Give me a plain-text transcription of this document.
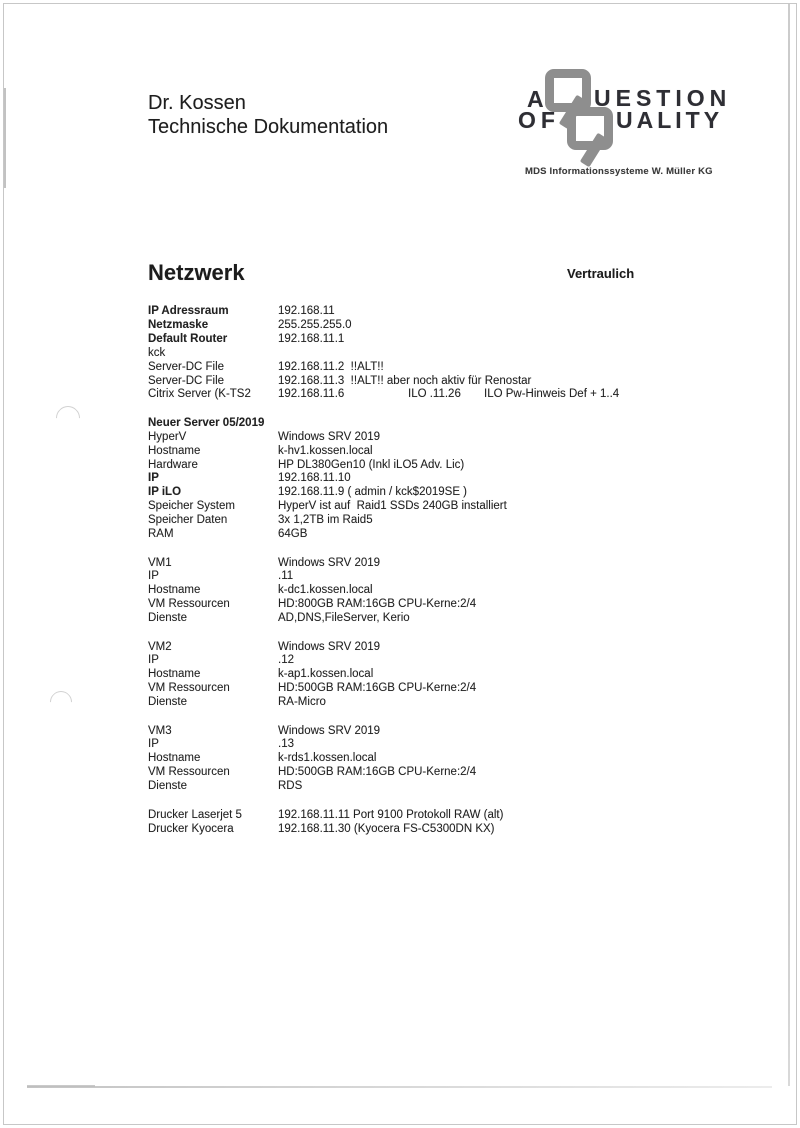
Dr. Kossen
Technische Dokumentation
A UESTION
OF UALITY
MDS Informationssysteme W. Müller KG
Netzwerk	Vertraulich
IP Adressraum	192.168.11
Netzmaske	255.255.255.0
Default Router	192.168.11.1
kck
Server-DC File	192.168.11.2  !!ALT!!
Server-DC File	192.168.11.3  !!ALT!! aber noch aktiv für Renostar
Citrix Server (K-TS2	192.168.11.6	ILO .11.26 ILO Pw-Hinweis Def + 1..4
Neuer Server 05/2019
HyperV	Windows SRV 2019
Hostname	k-hv1.kossen.local
Hardware	HP DL380Gen10 (Inkl iLO5 Adv. Lic)
IP	192.168.11.10
IP iLO	192.168.11.9 ( admin / kck$2019SE )
Speicher System	HyperV ist auf  Raid1 SSDs 240GB installiert
Speicher Daten	3x 1,2TB im Raid5
RAM	64GB
VM1	Windows SRV 2019
IP	.11
Hostname	k-dc1.kossen.local
VM Ressourcen	HD:800GB RAM:16GB CPU-Kerne:2/4
Dienste	AD,DNS,FileServer, Kerio
VM2	Windows SRV 2019
IP	.12
Hostname	k-ap1.kossen.local
VM Ressourcen	HD:500GB RAM:16GB CPU-Kerne:2/4
Dienste	RA-Micro
VM3	Windows SRV 2019
IP	.13
Hostname	k-rds1.kossen.local
VM Ressourcen	HD:500GB RAM:16GB CPU-Kerne:2/4
Dienste	RDS
Drucker Laserjet 5	192.168.11.11 Port 9100 Protokoll RAW (alt)
Drucker Kyocera	192.168.11.30 (Kyocera FS-C5300DN KX)
